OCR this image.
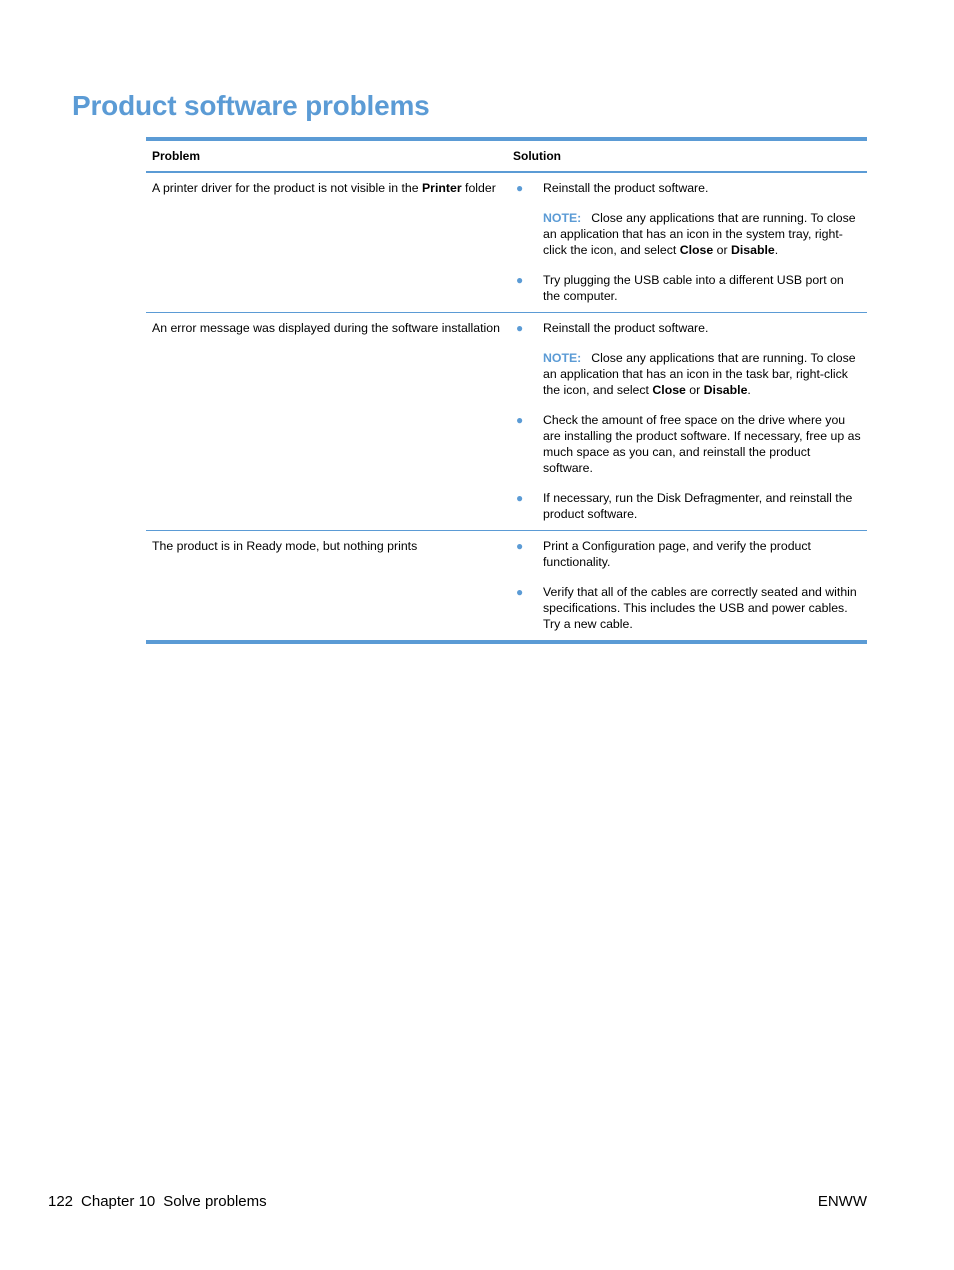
Product software problems
Problem	Solution
A printer driver for the product is not visible in the Printer folder	● Reinstall the product software.
NOTE: Close any applications that are running. To close an application that has an icon in the system tray, right-click the icon, and select Close or Disable.
● Try plugging the USB cable into a different USB port on the computer.
An error message was displayed during the software installation	● Reinstall the product software.
NOTE: Close any applications that are running. To close an application that has an icon in the task bar, right-click the icon, and select Close or Disable.
● Check the amount of free space on the drive where you are installing the product software. If necessary, free up as much space as you can, and reinstall the product software.
● If necessary, run the Disk Defragmenter, and reinstall the product software.
The product is in Ready mode, but nothing prints	● Print a Configuration page, and verify the product functionality.
● Verify that all of the cables are correctly seated and within specifications. This includes the USB and power cables. Try a new cable.
122 Chapter 10 Solve problems	ENWW
